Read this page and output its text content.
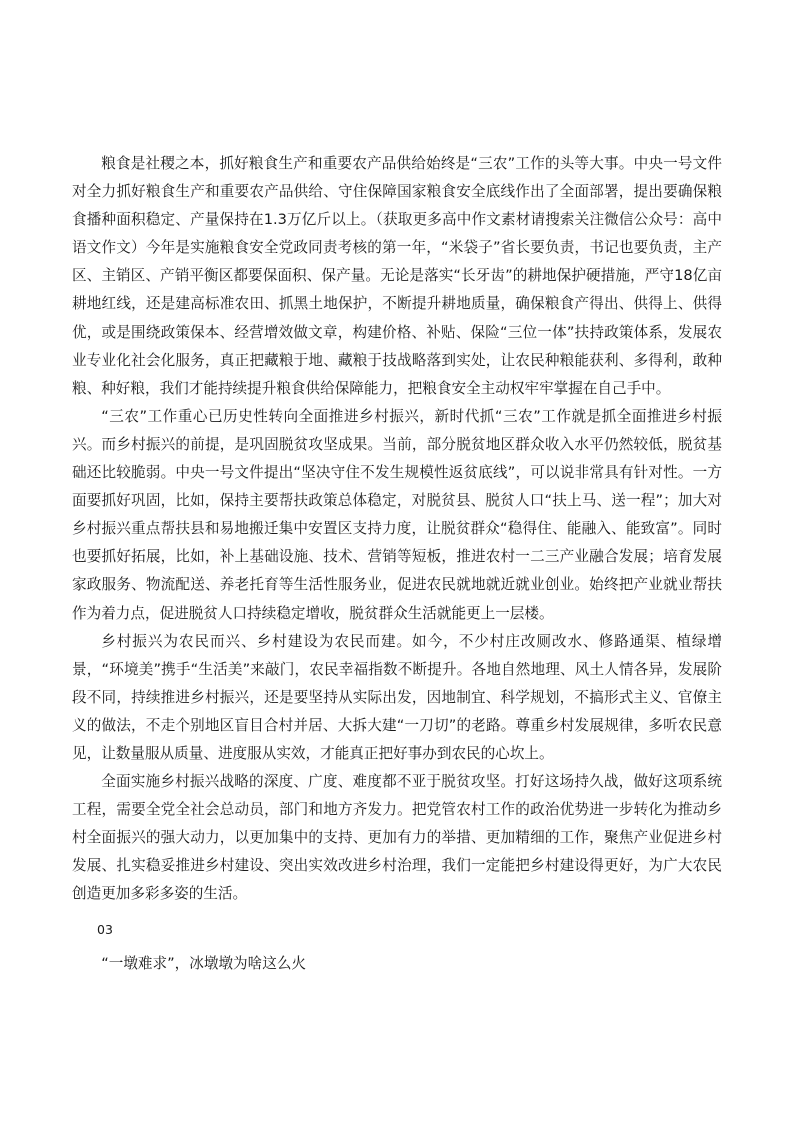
粮食是社稷之本，抓好粮食生产和重要农产品供给始终是“三农”工作的头等大事。中央一号文件对全力抓好粮食生产和重要农产品供给、守住保障国家粮食安全底线作出了全面部署，提出要确保粮食播种面积稳定、产量保持在1.3万亿斤以上。（获取更多高中作文素材请搜索关注微信公众号：高中语文作文）今年是实施粮食安全党政同责考核的第一年，“米袋子”省长要负责，书记也要负责，主产区、主销区、产销平衡区都要保面积、保产量。无论是落实“长牙齿”的耕地保护硬措施，严守18亿亩耕地红线，还是建高标准农田、抓黑土地保护，不断提升耕地质量，确保粮食产得出、供得上、供得优，或是围绕政策保本、经营增效做文章，构建价格、补贴、保险“三位一体”扶持政策体系，发展农业专业化社会化服务，真正把藏粮于地、藏粮于技战略落到实处，让农民种粮能获利、多得利，敢种粮、种好粮，我们才能持续提升粮食供给保障能力，把粮食安全主动权牢牢掌握在自己手中。

“三农”工作重心已历史性转向全面推进乡村振兴，新时代抓“三农”工作就是抓全面推进乡村振兴。而乡村振兴的前提，是巩固脱贫攻坚成果。当前，部分脱贫地区群众收入水平仍然较低，脱贫基础还比较脆弱。中央一号文件提出“坚决守住不发生规模性返贫底线”，可以说非常具有针对性。一方面要抓好巩固，比如，保持主要帮扶政策总体稳定，对脱贫县、脱贫人口“扶上马、送一程”；加大对乡村振兴重点帮扶县和易地搬迁集中安置区支持力度，让脱贫群众“稳得住、能融入、能致富”。同时也要抓好拓展，比如，补上基础设施、技术、营销等短板，推进农村一二三产业融合发展；培育发展家政服务、物流配送、养老托育等生活性服务业，促进农民就地就近就业创业。始终把产业就业帮扶作为着力点，促进脱贫人口持续稳定增收，脱贫群众生活就能更上一层楼。

乡村振兴为农民而兴、乡村建设为农民而建。如今，不少村庄改厕改水、修路通渠、植绿增景，“环境美”携手“生活美”来敲门，农民幸福指数不断提升。各地自然地理、风土人情各异，发展阶段不同，持续推进乡村振兴，还是要坚持从实际出发，因地制宜、科学规划，不搞形式主义、官僚主义的做法，不走个别地区盲目合村并居、大拆大建“一刀切”的老路。尊重乡村发展规律，多听农民意见，让数量服从质量、进度服从实效，才能真正把好事办到农民的心坎上。

全面实施乡村振兴战略的深度、广度、难度都不亚于脱贫攻坚。打好这场持久战，做好这项系统工程，需要全党全社会总动员，部门和地方齐发力。把党管农村工作的政治优势进一步转化为推动乡村全面振兴的强大动力，以更加集中的支持、更加有力的举措、更加精细的工作，聚焦产业促进乡村发展、扎实稳妥推进乡村建设、突出实效改进乡村治理，我们一定能把乡村建设得更好，为广大农民创造更加多彩多姿的生活。

03

“一墩难求”，冰墩墩为啥这么火
